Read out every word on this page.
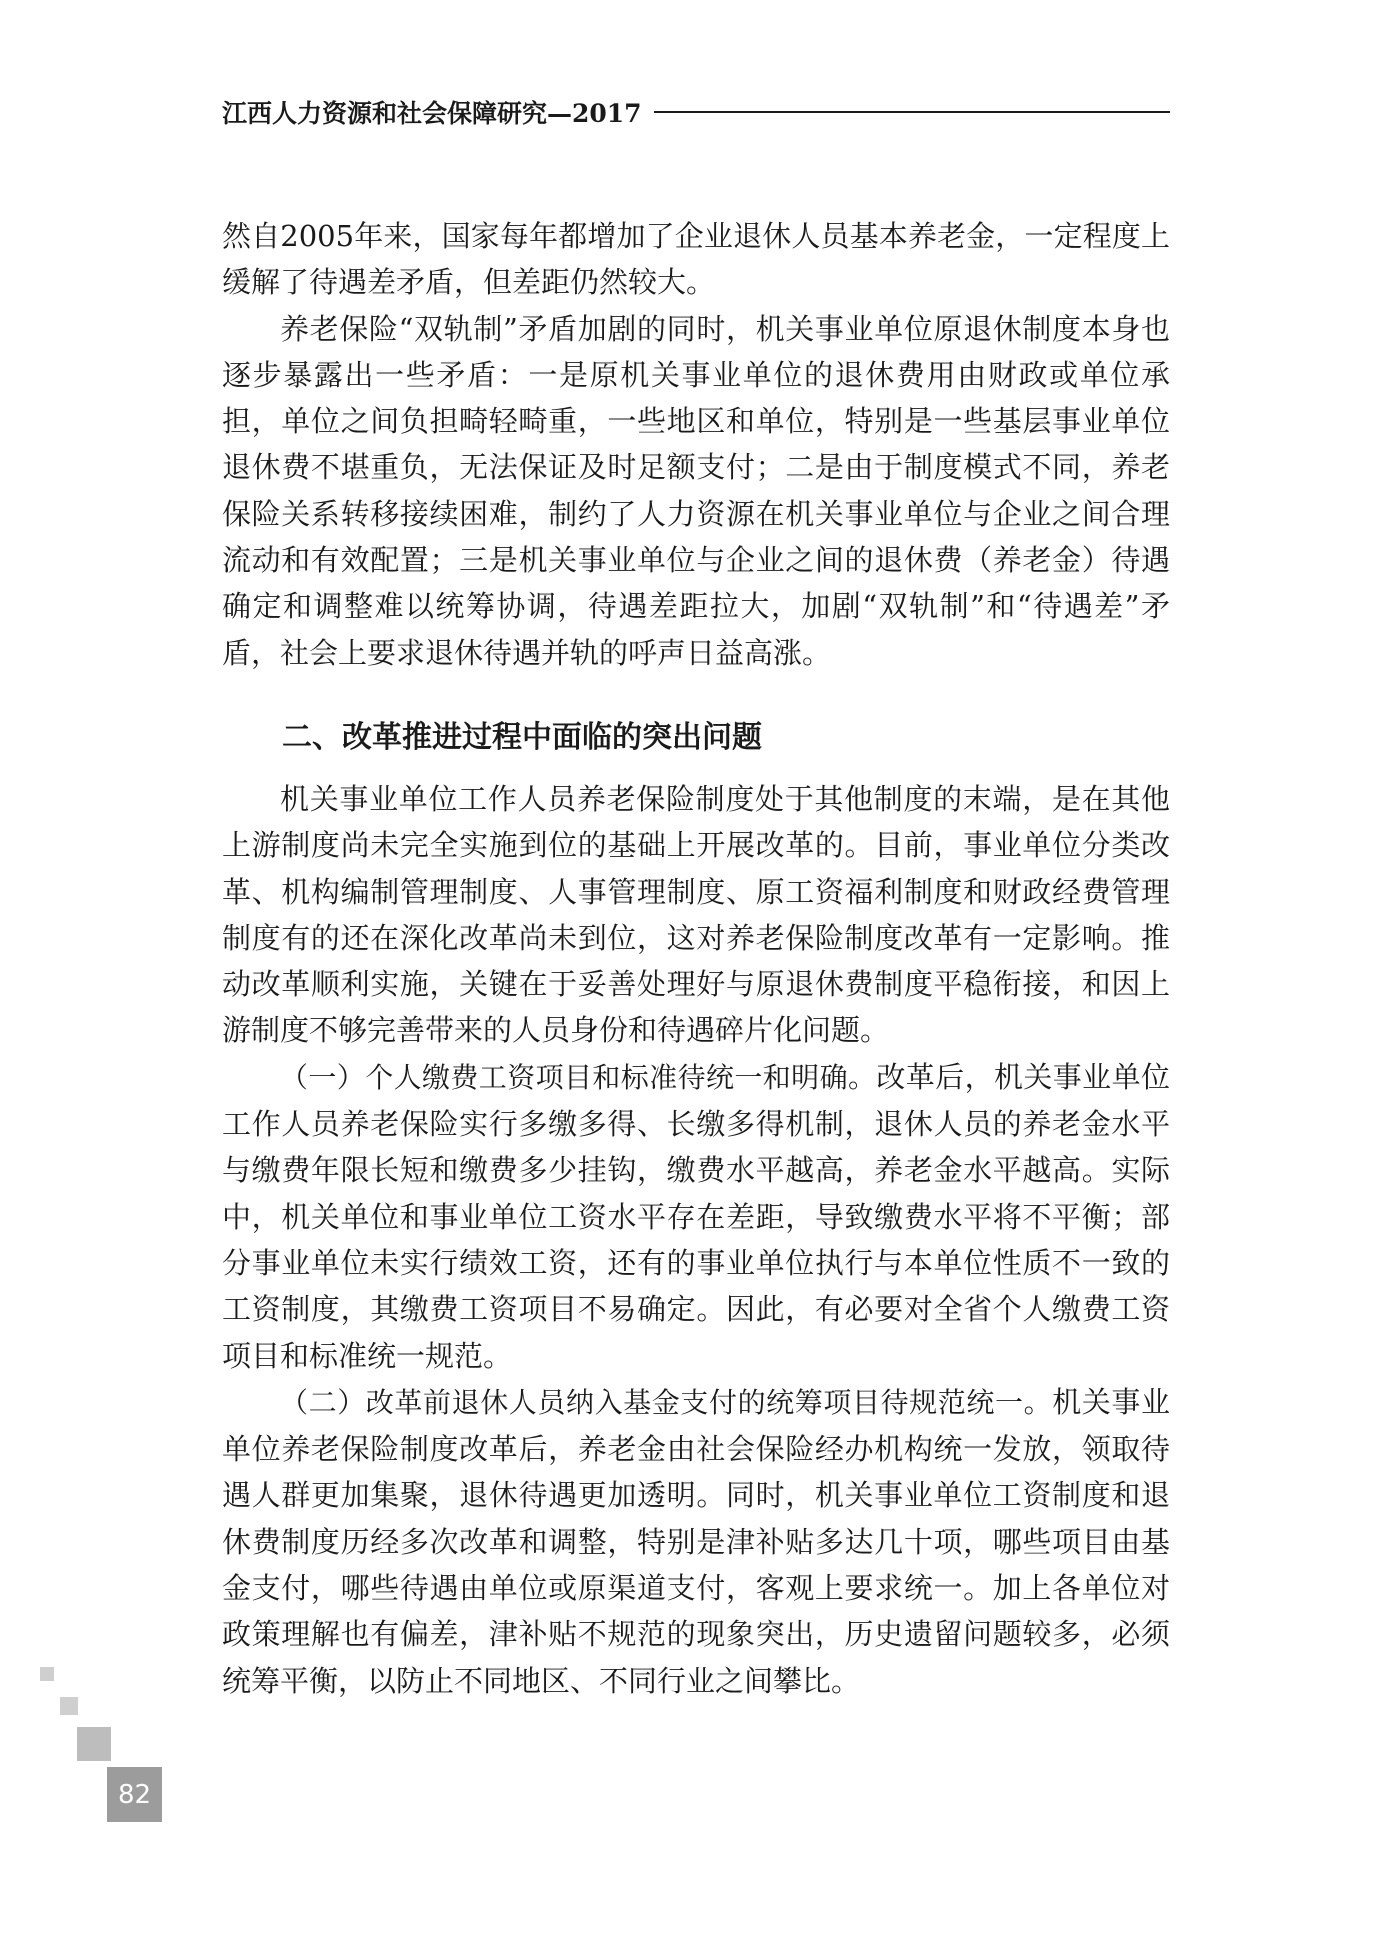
江西人力资源和社会保障研究—2017

然自2005年来，国家每年都增加了企业退休人员基本养老金，一定程度上缓解了待遇差矛盾，但差距仍然较大。

养老保险“双轨制”矛盾加剧的同时，机关事业单位原退休制度本身也逐步暴露出一些矛盾：一是原机关事业单位的退休费用由财政或单位承担，单位之间负担畸轻畸重，一些地区和单位，特别是一些基层事业单位退休费不堪重负，无法保证及时足额支付；二是由于制度模式不同，养老保险关系转移接续困难，制约了人力资源在机关事业单位与企业之间合理流动和有效配置；三是机关事业单位与企业之间的退休费（养老金）待遇确定和调整难以统筹协调，待遇差距拉大，加剧“双轨制”和“待遇差”矛盾，社会上要求退休待遇并轨的呼声日益高涨。

二、改革推进过程中面临的突出问题

机关事业单位工作人员养老保险制度处于其他制度的末端，是在其他上游制度尚未完全实施到位的基础上开展改革的。目前，事业单位分类改革、机构编制管理制度、人事管理制度、原工资福利制度和财政经费管理制度有的还在深化改革尚未到位，这对养老保险制度改革有一定影响。推动改革顺利实施，关键在于妥善处理好与原退休费制度平稳衔接，和因上游制度不够完善带来的人员身份和待遇碎片化问题。

（一）个人缴费工资项目和标准待统一和明确。改革后，机关事业单位工作人员养老保险实行多缴多得、长缴多得机制，退休人员的养老金水平与缴费年限长短和缴费多少挂钩，缴费水平越高，养老金水平越高。实际中，机关单位和事业单位工资水平存在差距，导致缴费水平将不平衡；部分事业单位未实行绩效工资，还有的事业单位执行与本单位性质不一致的工资制度，其缴费工资项目不易确定。因此，有必要对全省个人缴费工资项目和标准统一规范。

（二）改革前退休人员纳入基金支付的统筹项目待规范统一。机关事业单位养老保险制度改革后，养老金由社会保险经办机构统一发放，领取待遇人群更加集聚，退休待遇更加透明。同时，机关事业单位工资制度和退休费制度历经多次改革和调整，特别是津补贴多达几十项，哪些项目由基金支付，哪些待遇由单位或原渠道支付，客观上要求统一。加上各单位对政策理解也有偏差，津补贴不规范的现象突出，历史遗留问题较多，必须统筹平衡，以防止不同地区、不同行业之间攀比。

82
